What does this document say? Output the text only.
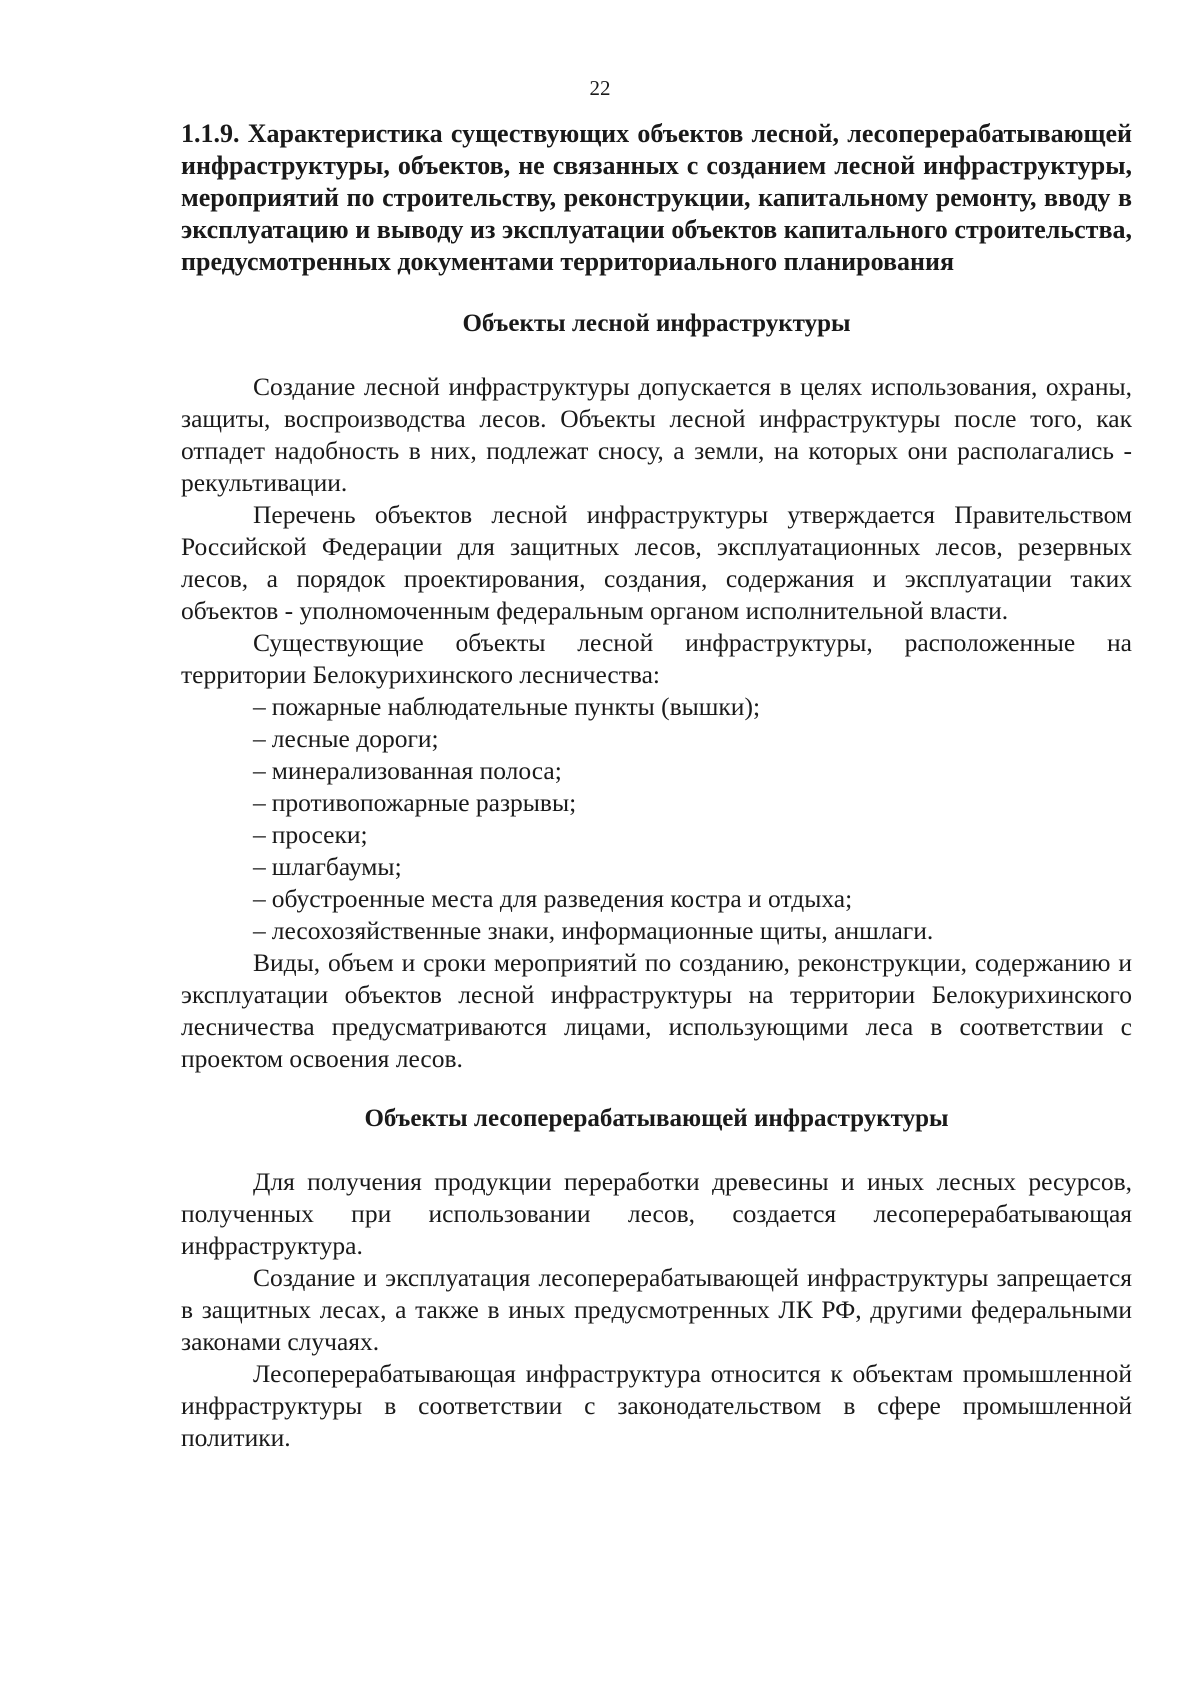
22
1.1.9. Характеристика существующих объектов лесной, лесоперерабатывающей инфраструктуры, объектов, не связанных с созданием лесной инфраструктуры, мероприятий по строительству, реконструкции, капитальному ремонту, вводу в эксплуатацию и выводу из эксплуатации объектов капитального строительства, предусмотренных документами территориального планирования
Объекты лесной инфраструктуры

Создание лесной инфраструктуры допускается в целях использования, охраны, защиты, воспроизводства лесов. Объекты лесной инфраструктуры после того, как отпадет надобность в них, подлежат сносу, а земли, на которых они располагались - рекультивации.

Перечень объектов лесной инфраструктуры утверждается Правительством Российской Федерации для защитных лесов, эксплуатационных лесов, резервных лесов, а порядок проектирования, создания, содержания и эксплуатации таких объектов - уполномоченным федеральным органом исполнительной власти.

Существующие объекты лесной инфраструктуры, расположенные на территории Белокурихинского лесничества:

– пожарные наблюдательные пункты (вышки);
– лесные дороги;
– минерализованная полоса;
– противопожарные разрывы;
– просеки;
– шлагбаумы;
– обустроенные места для разведения костра и отдыха;
– лесохозяйственные знаки, информационные щиты, аншлаги.

Виды, объем и сроки мероприятий по созданию, реконструкции, содержанию и эксплуатации объектов лесной инфраструктуры на территории Белокурихинского лесничества предусматриваются лицами, использующими леса в соответствии с проектом освоения лесов.

Объекты лесоперерабатывающей инфраструктуры

Для получения продукции переработки древесины и иных лесных ресурсов, полученных при использовании лесов, создается лесоперерабатывающая инфраструктура.

Создание и эксплуатация лесоперерабатывающей инфраструктуры запрещается в защитных лесах, а также в иных предусмотренных ЛК РФ, другими федеральными законами случаях.

Лесоперерабатывающая инфраструктура относится к объектам промышленной инфраструктуры в соответствии с законодательством в сфере промышленной политики.
